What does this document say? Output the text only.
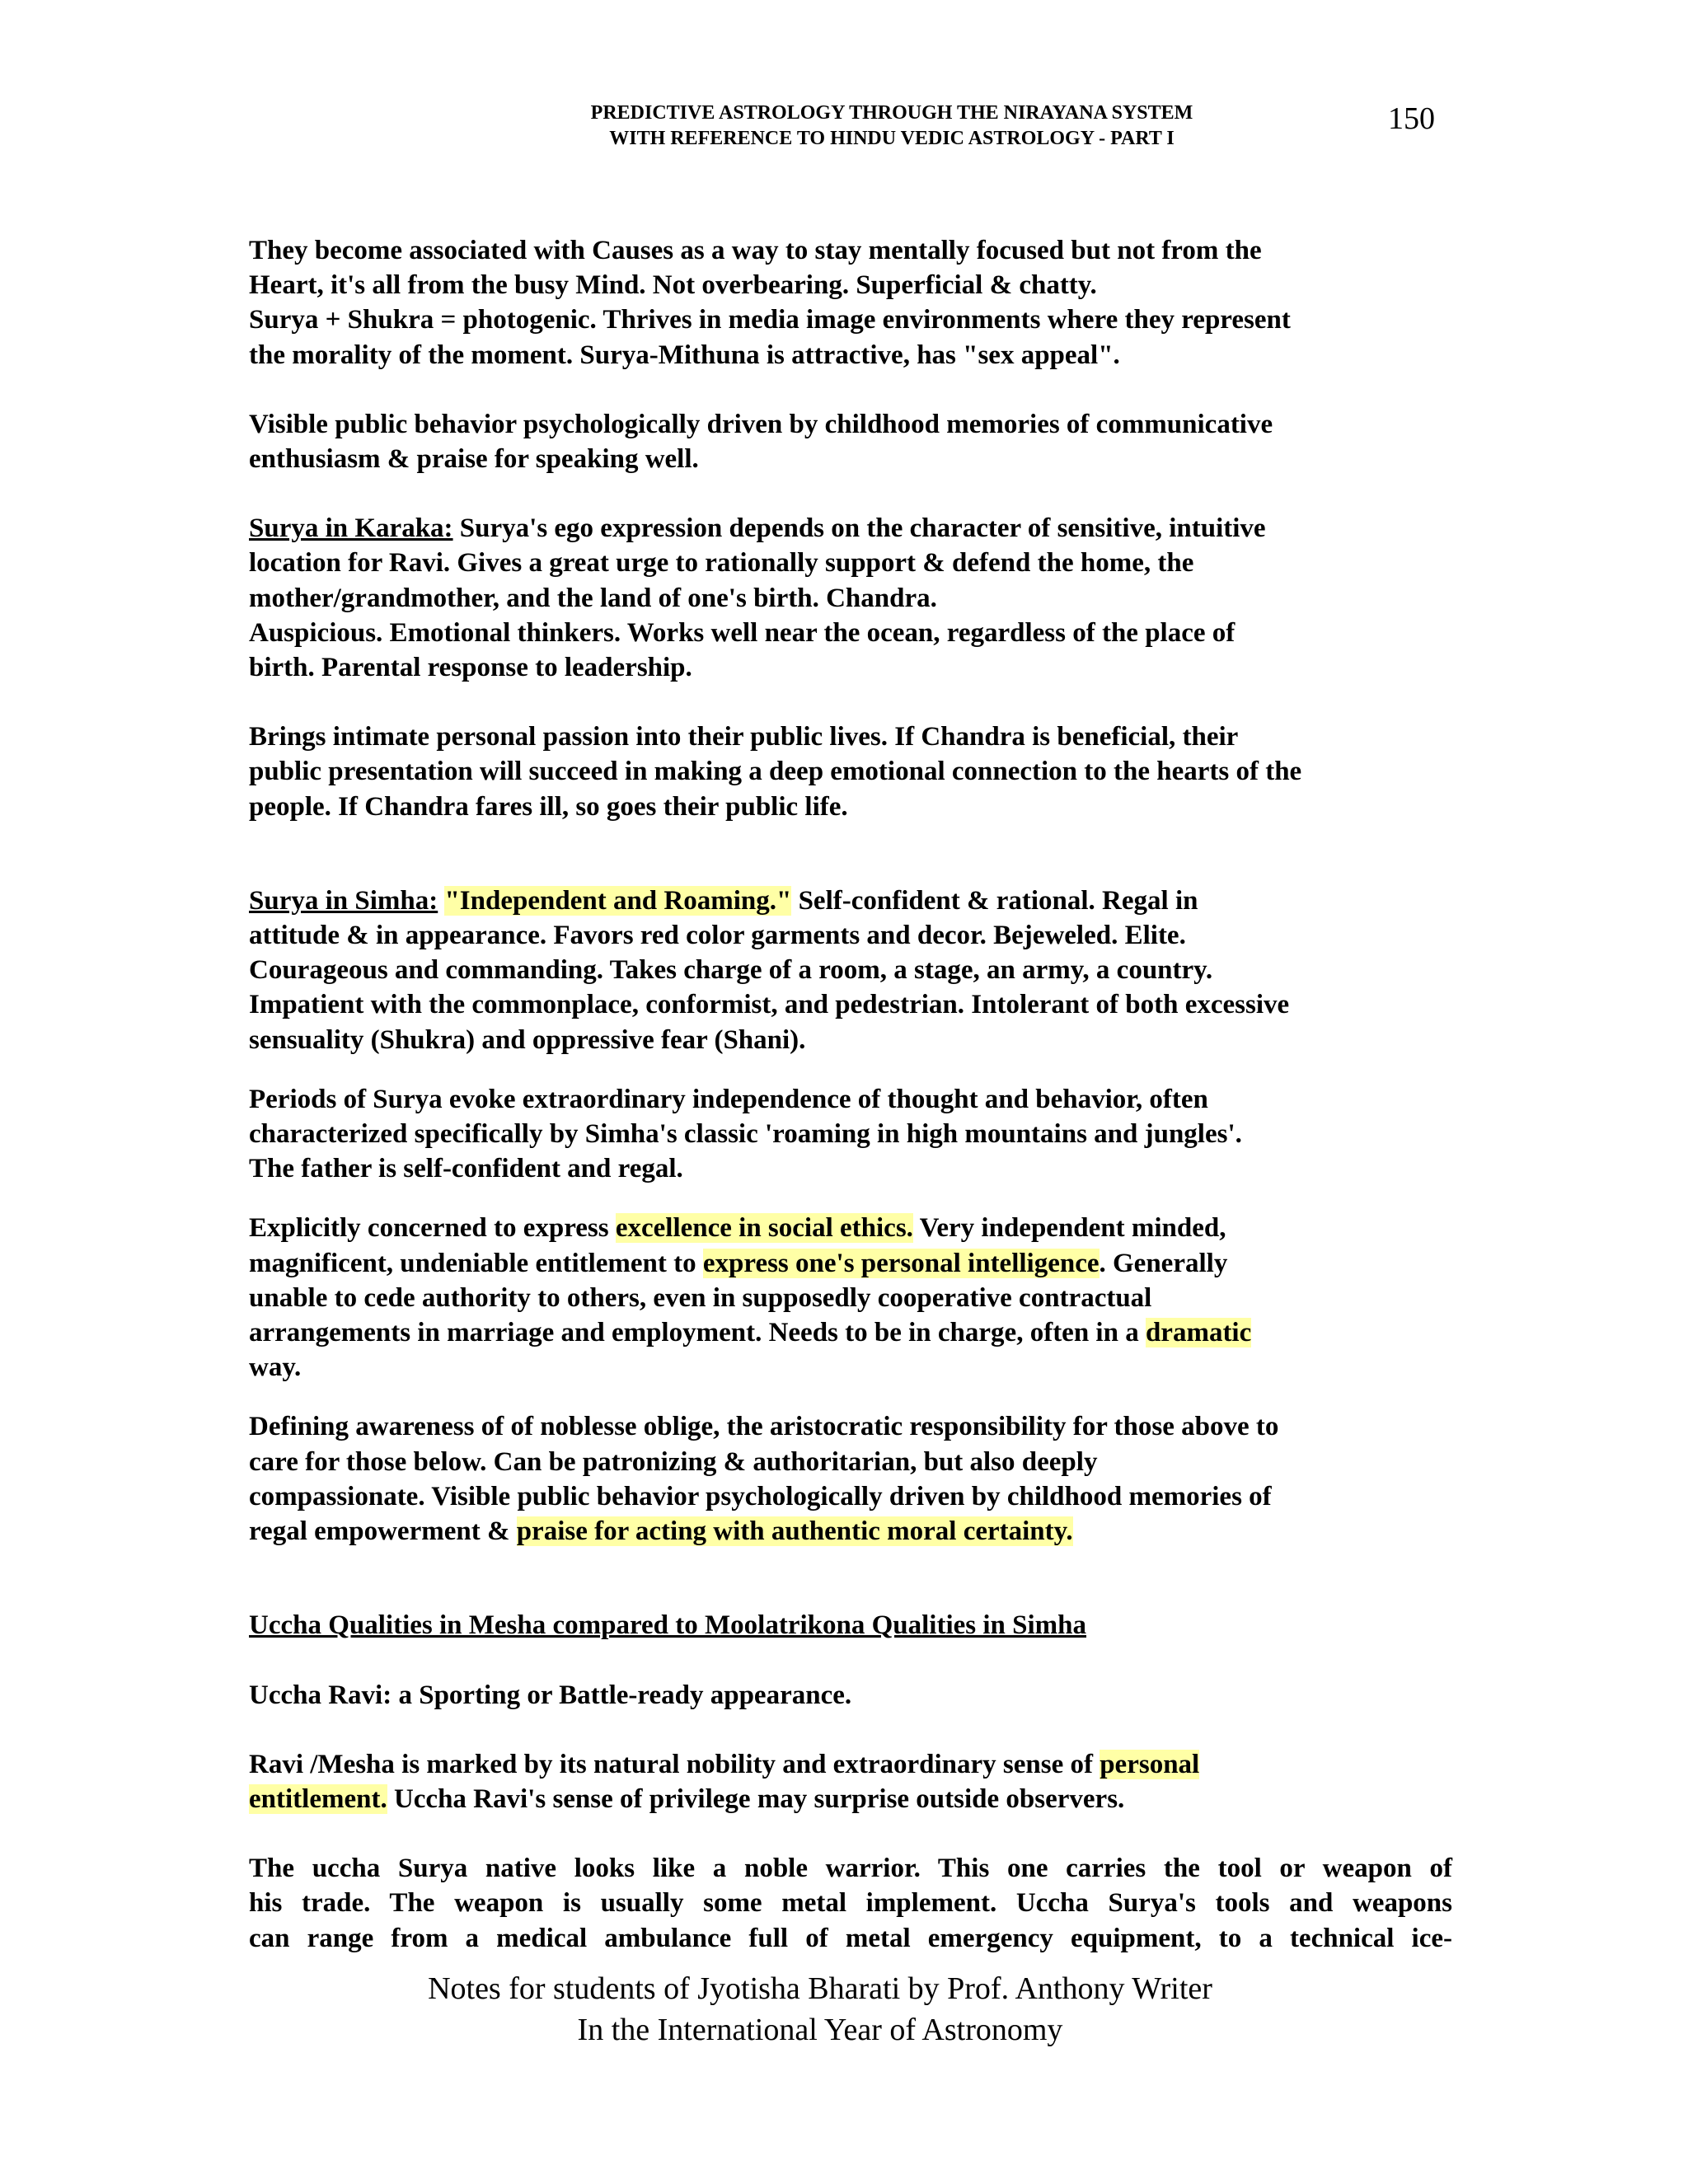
PREDICTIVE ASTROLOGY THROUGH THE NIRAYANA SYSTEM
WITH REFERENCE TO HINDU VEDIC ASTROLOGY - PART I
150

They become associated with Causes as a way to stay mentally focused but not from the
Heart, it's all from the busy Mind. Not overbearing. Superficial & chatty.
Surya + Shukra = photogenic. Thrives in media image environments where they represent
the morality of the moment. Surya-Mithuna is attractive, has "sex appeal".

Visible public behavior psychologically driven by childhood memories of communicative
enthusiasm & praise for speaking well.

Surya in Karaka: Surya's ego expression depends on the character of sensitive, intuitive
location for Ravi. Gives a great urge to rationally support & defend the home, the
mother/grandmother, and the land of one's birth. Chandra.
Auspicious. Emotional thinkers. Works well near the ocean, regardless of the place of
birth. Parental response to leadership.

Brings intimate personal passion into their public lives. If Chandra is beneficial, their
public presentation will succeed in making a deep emotional connection to the hearts of the
people. If Chandra fares ill, so goes their public life.

Surya in Simha: "Independent and Roaming." Self-confident & rational. Regal in
attitude & in appearance. Favors red color garments and decor. Bejeweled. Elite.
Courageous and commanding. Takes charge of a room, a stage, an army, a country.
Impatient with the commonplace, conformist, and pedestrian. Intolerant of both excessive
sensuality (Shukra) and oppressive fear (Shani).

Periods of Surya evoke extraordinary independence of thought and behavior, often
characterized specifically by Simha's classic 'roaming in high mountains and jungles'.
The father is self-confident and regal.

Explicitly concerned to express excellence in social ethics. Very independent minded,
magnificent, undeniable entitlement to express one's personal intelligence. Generally
unable to cede authority to others, even in supposedly cooperative contractual
arrangements in marriage and employment. Needs to be in charge, often in a dramatic
way.

Defining awareness of of noblesse oblige, the aristocratic responsibility for those above to
care for those below. Can be patronizing & authoritarian, but also deeply
compassionate. Visible public behavior psychologically driven by childhood memories of
regal empowerment & praise for acting with authentic moral certainty.

Uccha Qualities in Mesha compared to Moolatrikona Qualities in Simha

Uccha Ravi: a Sporting or Battle-ready appearance.

Ravi /Mesha is marked by its natural nobility and extraordinary sense of personal
entitlement. Uccha Ravi's sense of privilege may surprise outside observers.

The uccha Surya native looks like a noble warrior. This one carries the tool or weapon of
his trade. The weapon is usually some metal implement. Uccha Surya's tools and weapons
can range from a medical ambulance full of metal emergency equipment, to a technical ice-

Notes for students of Jyotisha Bharati by Prof. Anthony Writer
In the International Year of Astronomy
